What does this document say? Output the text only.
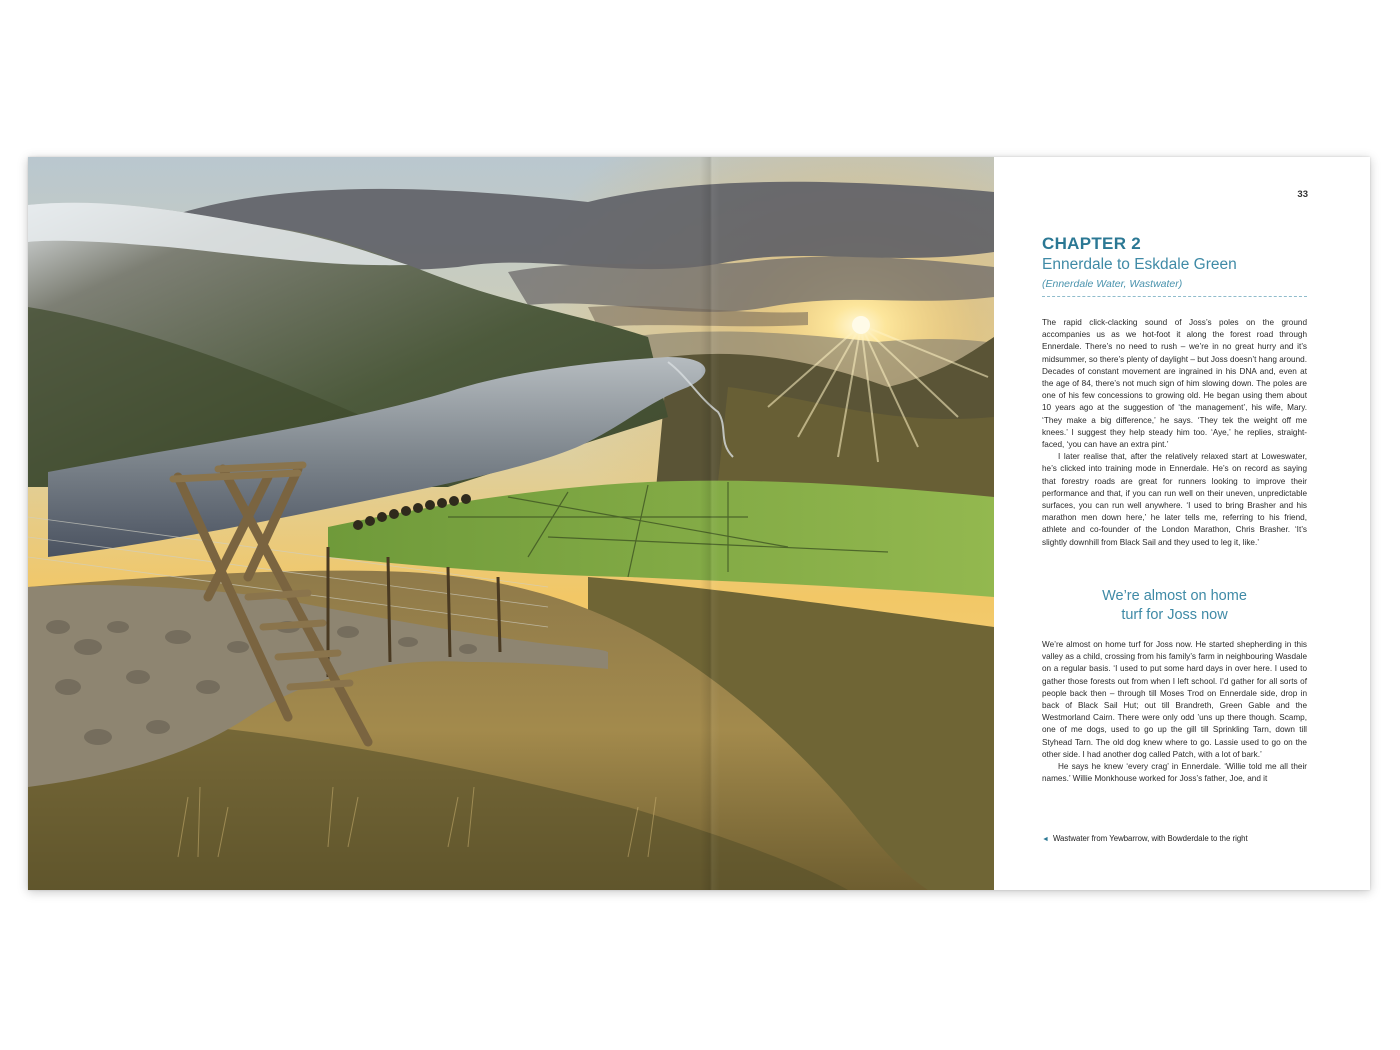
33
CHAPTER 2
Ennerdale to Eskdale Green
(Ennerdale Water, Wastwater)

The rapid click-clacking sound of Joss’s poles on the ground accompanies us as we hot-foot it along the forest road through Ennerdale. There’s no need to rush – we’re in no great hurry and it’s midsummer, so there’s plenty of daylight – but Joss doesn’t hang around. Decades of constant movement are ingrained in his DNA and, even at the age of 84, there’s not much sign of him slowing down. The poles are one of his few concessions to growing old. He began using them about 10 years ago at the suggestion of ‘the management’, his wife, Mary. ‘They make a big difference,’ he says. ‘They tek the weight off me knees.’ I suggest they help steady him too. ‘Aye,’ he replies, straight-faced, ‘you can have an extra pint.’

I later realise that, after the relatively relaxed start at Loweswater, he’s clicked into training mode in Ennerdale. He’s on record as saying that forestry roads are great for runners looking to improve their performance and that, if you can run well on their uneven, unpredictable surfaces, you can run well anywhere. ‘I used to bring Brasher and his marathon men down here,’ he later tells me, referring to his friend, athlete and co-founder of the London Marathon, Chris Brasher. ‘It’s slightly downhill from Black Sail and they used to leg it, like.’

We’re almost on home
turf for Joss now

We’re almost on home turf for Joss now. He started shepherding in this valley as a child, crossing from his family’s farm in neighbouring Wasdale on a regular basis. ‘I used to put some hard days in over here. I used to gather those forests out from when I left school. I’d gather for all sorts of people back then – through till Moses Trod on Ennerdale side, drop in back of Black Sail Hut; out till Brandreth, Green Gable and the Westmorland Cairn. There were only odd ’uns up there though. Scamp, one of me dogs, used to go up the gill till Sprinkling Tarn, down till Styhead Tarn. The old dog knew where to go. Lassie used to go on the other side. I had another dog called Patch, with a lot of bark.’

He says he knew ‘every crag’ in Ennerdale. ‘Willie told me all their names.’ Willie Monkhouse worked for Joss’s father, Joe, and it

◄ Wastwater from Yewbarrow, with Bowderdale to the right
